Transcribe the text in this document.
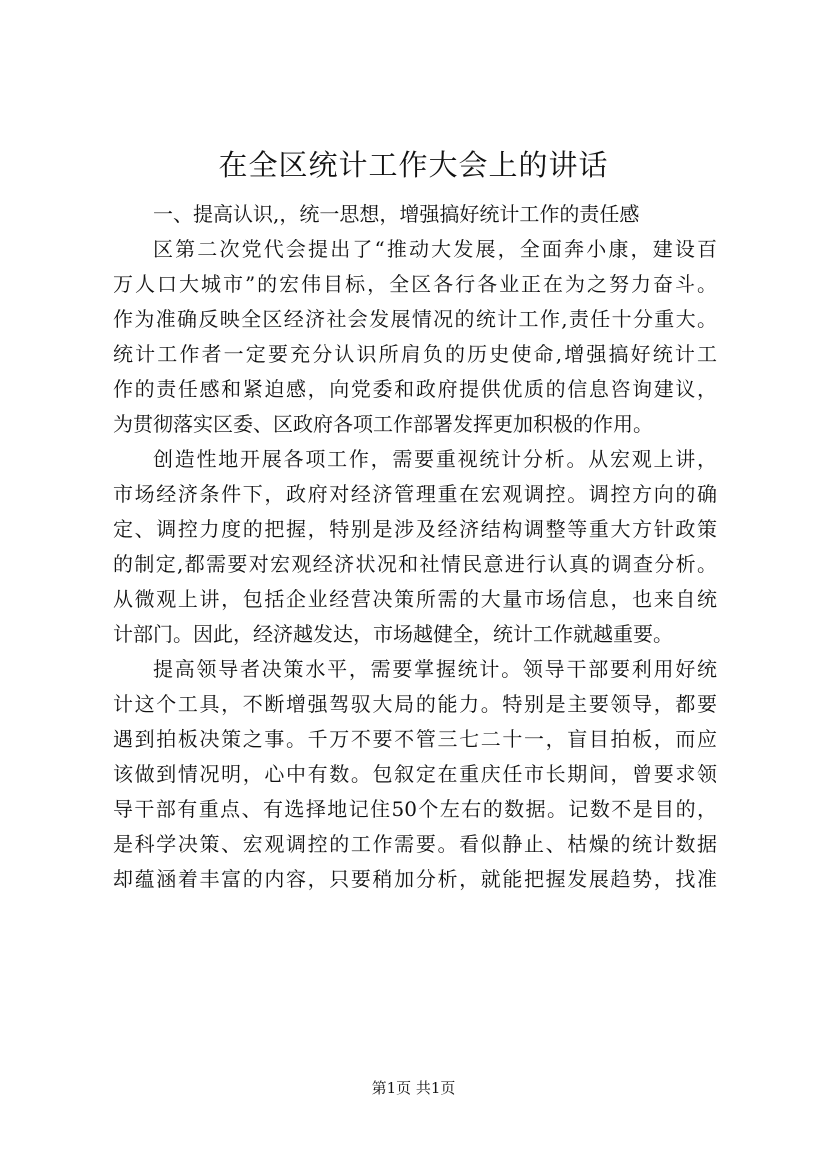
在全区统计工作大会上的讲话
一、提高认识,，统一思想，增强搞好统计工作的责任感
区第二次党代会提出了“推动大发展，全面奔小康，建设百
万人口大城市”的宏伟目标，全区各行各业正在为之努力奋斗。
作为准确反映全区经济社会发展情况的统计工作,责任十分重大。
统计工作者一定要充分认识所肩负的历史使命,增强搞好统计工
作的责任感和紧迫感，向党委和政府提供优质的信息咨询建议，
为贯彻落实区委、区政府各项工作部署发挥更加积极的作用。
创造性地开展各项工作，需要重视统计分析。从宏观上讲，
市场经济条件下，政府对经济管理重在宏观调控。调控方向的确
定、调控力度的把握，特别是涉及经济结构调整等重大方针政策
的制定,都需要对宏观经济状况和社情民意进行认真的调查分析。
从微观上讲，包括企业经营决策所需的大量市场信息，也来自统
计部门。因此，经济越发达，市场越健全，统计工作就越重要。
提高领导者决策水平，需要掌握统计。领导干部要利用好统
计这个工具，不断增强驾驭大局的能力。特别是主要领导，都要
遇到拍板决策之事。千万不要不管三七二十一，盲目拍板，而应
该做到情况明，心中有数。包叙定在重庆任市长期间，曾要求领
导干部有重点、有选择地记住50个左右的数据。记数不是目的，
是科学决策、宏观调控的工作需要。看似静止、枯燥的统计数据
却蕴涵着丰富的内容，只要稍加分析，就能把握发展趋势，找准
第1页 共1页
